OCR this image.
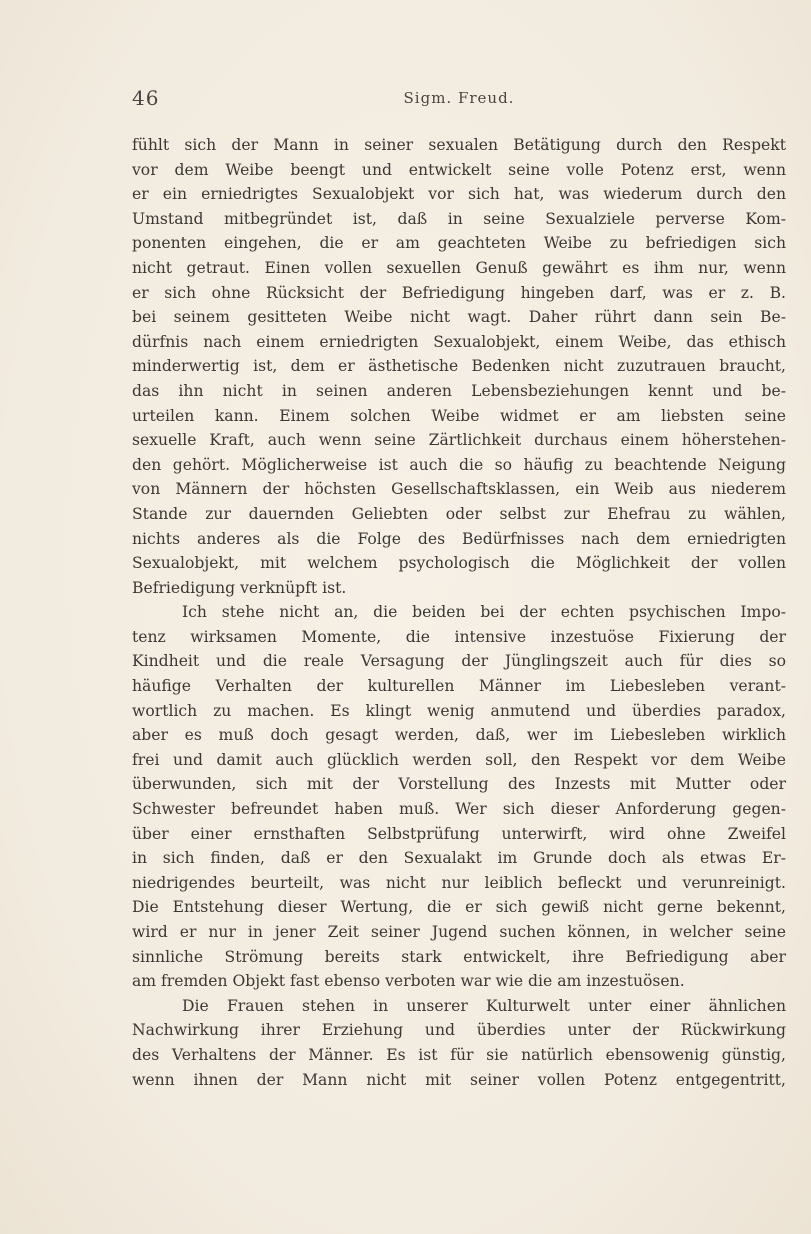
46	Sigm. Freud.
fühlt sich der Mann in seiner sexualen Betätigung durch den Respekt
vor dem Weibe beengt und entwickelt seine volle Potenz erst, wenn
er ein erniedrigtes Sexualobjekt vor sich hat, was wiederum durch den
Umstand mitbegründet ist, daß in seine Sexualziele perverse Kom-
ponenten eingehen, die er am geachteten Weibe zu befriedigen sich
nicht getraut. Einen vollen sexuellen Genuß gewährt es ihm nur, wenn
er sich ohne Rücksicht der Befriedigung hingeben darf, was er z. B.
bei seinem gesitteten Weibe nicht wagt. Daher rührt dann sein Be-
dürfnis nach einem erniedrigten Sexualobjekt, einem Weibe, das ethisch
minderwertig ist, dem er ästhetische Bedenken nicht zuzutrauen braucht,
das ihn nicht in seinen anderen Lebensbeziehungen kennt und be-
urteilen kann. Einem solchen Weibe widmet er am liebsten seine
sexuelle Kraft, auch wenn seine Zärtlichkeit durchaus einem höherstehen-
den gehört. Möglicherweise ist auch die so häufig zu beachtende Neigung
von Männern der höchsten Gesellschaftsklassen, ein Weib aus niederem
Stande zur dauernden Geliebten oder selbst zur Ehefrau zu wählen,
nichts anderes als die Folge des Bedürfnisses nach dem erniedrigten
Sexualobjekt, mit welchem psychologisch die Möglichkeit der vollen
Befriedigung verknüpft ist.
Ich stehe nicht an, die beiden bei der echten psychischen Impo-
tenz wirksamen Momente, die intensive inzestuöse Fixierung der
Kindheit und die reale Versagung der Jünglingszeit auch für dies so
häufige Verhalten der kulturellen Männer im Liebesleben verant-
wortlich zu machen. Es klingt wenig anmutend und überdies paradox,
aber es muß doch gesagt werden, daß, wer im Liebesleben wirklich
frei und damit auch glücklich werden soll, den Respekt vor dem Weibe
überwunden, sich mit der Vorstellung des Inzests mit Mutter oder
Schwester befreundet haben muß. Wer sich dieser Anforderung gegen-
über einer ernsthaften Selbstprüfung unterwirft, wird ohne Zweifel
in sich finden, daß er den Sexualakt im Grunde doch als etwas Er-
niedrigendes beurteilt, was nicht nur leiblich befleckt und verunreinigt.
Die Entstehung dieser Wertung, die er sich gewiß nicht gerne bekennt,
wird er nur in jener Zeit seiner Jugend suchen können, in welcher seine
sinnliche Strömung bereits stark entwickelt, ihre Befriedigung aber
am fremden Objekt fast ebenso verboten war wie die am inzestuösen.
Die Frauen stehen in unserer Kulturwelt unter einer ähnlichen
Nachwirkung ihrer Erziehung und überdies unter der Rückwirkung
des Verhaltens der Männer. Es ist für sie natürlich ebensowenig günstig,
wenn ihnen der Mann nicht mit seiner vollen Potenz entgegentritt,
